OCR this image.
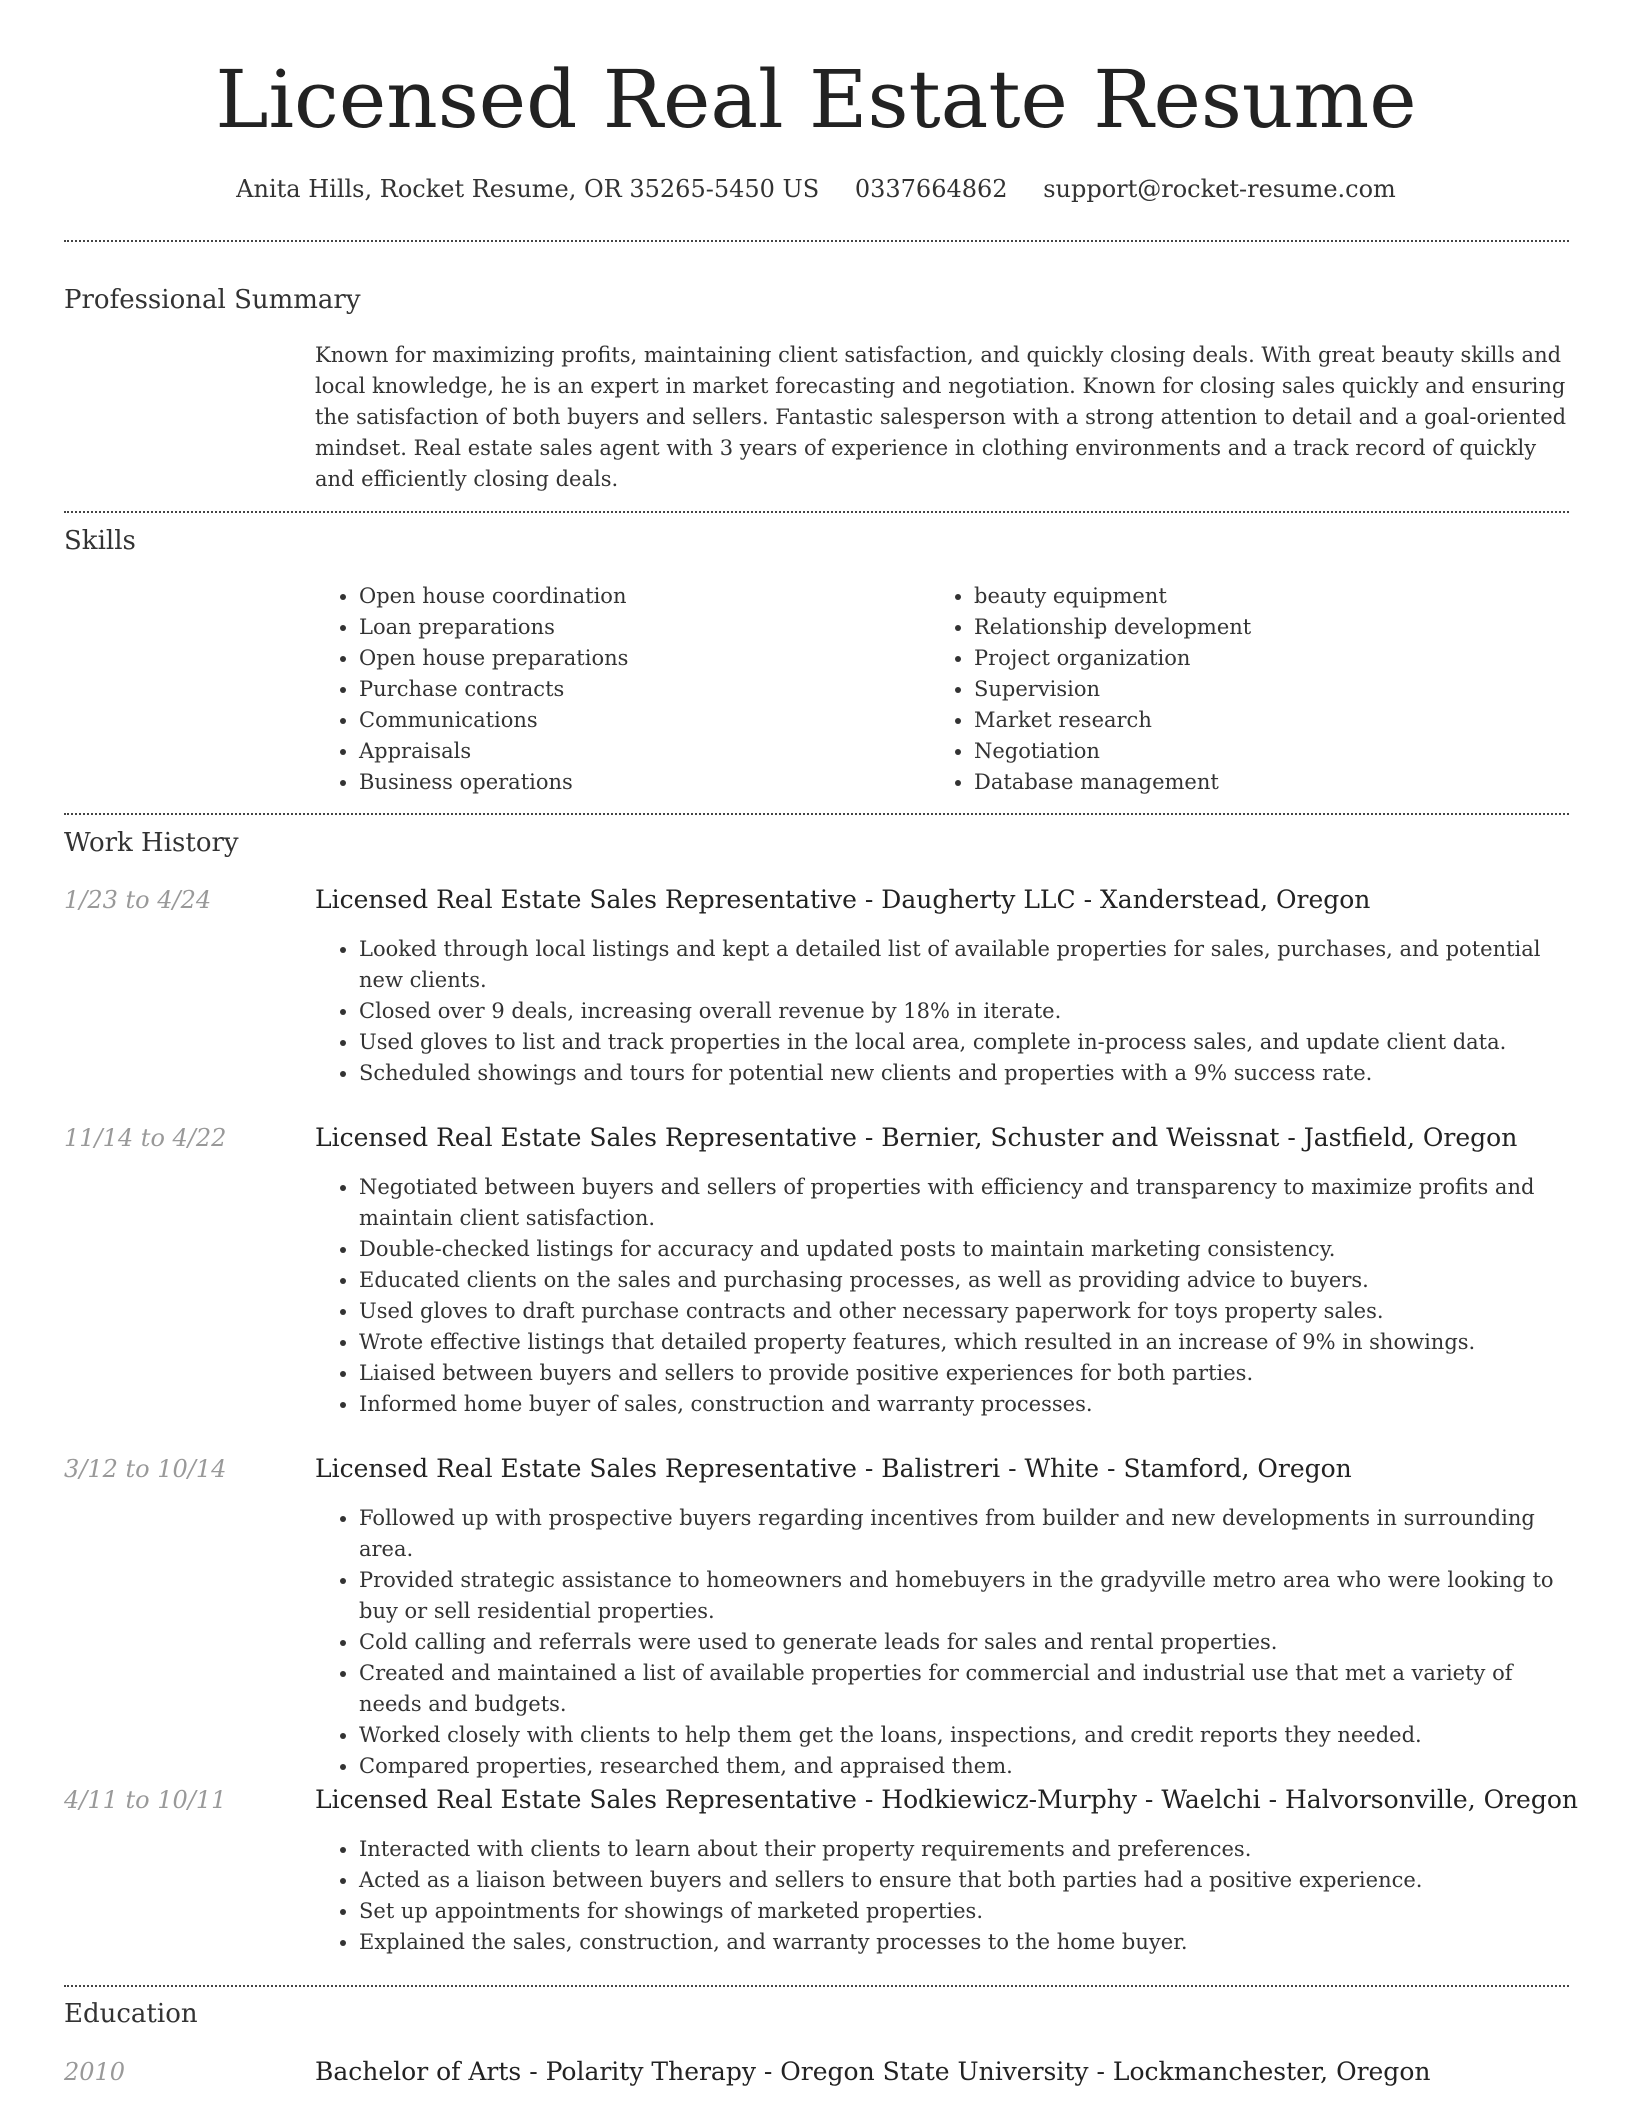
Licensed Real Estate Resume
Anita Hills, Rocket Resume, OR 35265-5450 US 0337664862 support@rocket-resume.com
Professional Summary

Known for maximizing profits, maintaining client satisfaction, and quickly closing deals. With great beauty skills and local knowledge, he is an expert in market forecasting and negotiation. Known for closing sales quickly and ensuring the satisfaction of both buyers and sellers. Fantastic salesperson with a strong attention to detail and a goal-oriented mindset. Real estate sales agent with 3 years of experience in clothing environments and a track record of quickly and efficiently closing deals.

Skills
• Open house coordination
• Loan preparations
• Open house preparations
• Purchase contracts
• Communications
• Appraisals
• Business operations
• beauty equipment
• Relationship development
• Project organization
• Supervision
• Market research
• Negotiation
• Database management
Work History
1/23 to 4/24	Licensed Real Estate Sales Representative - Daugherty LLC - Xanderstead, Oregon
• Looked through local listings and kept a detailed list of available properties for sales, purchases, and potential new clients.
• Closed over 9 deals, increasing overall revenue by 18% in iterate.
• Used gloves to list and track properties in the local area, complete in-process sales, and update client data.
• Scheduled showings and tours for potential new clients and properties with a 9% success rate.
11/14 to 4/22	Licensed Real Estate Sales Representative - Bernier, Schuster and Weissnat - Jastfield, Oregon
• Negotiated between buyers and sellers of properties with efficiency and transparency to maximize profits and maintain client satisfaction.
• Double-checked listings for accuracy and updated posts to maintain marketing consistency.
• Educated clients on the sales and purchasing processes, as well as providing advice to buyers.
• Used gloves to draft purchase contracts and other necessary paperwork for toys property sales.
• Wrote effective listings that detailed property features, which resulted in an increase of 9% in showings.
• Liaised between buyers and sellers to provide positive experiences for both parties.
• Informed home buyer of sales, construction and warranty processes.
3/12 to 10/14	Licensed Real Estate Sales Representative - Balistreri - White - Stamford, Oregon
• Followed up with prospective buyers regarding incentives from builder and new developments in surrounding area.
• Provided strategic assistance to homeowners and homebuyers in the gradyville metro area who were looking to buy or sell residential properties.
• Cold calling and referrals were used to generate leads for sales and rental properties.
• Created and maintained a list of available properties for commercial and industrial use that met a variety of needs and budgets.
• Worked closely with clients to help them get the loans, inspections, and credit reports they needed.
• Compared properties, researched them, and appraised them.
4/11 to 10/11	Licensed Real Estate Sales Representative - Hodkiewicz-Murphy - Waelchi - Halvorsonville, Oregon
• Interacted with clients to learn about their property requirements and preferences.
• Acted as a liaison between buyers and sellers to ensure that both parties had a positive experience.
• Set up appointments for showings of marketed properties.
• Explained the sales, construction, and warranty processes to the home buyer.
Education
2010	Bachelor of Arts - Polarity Therapy - Oregon State University - Lockmanchester, Oregon
